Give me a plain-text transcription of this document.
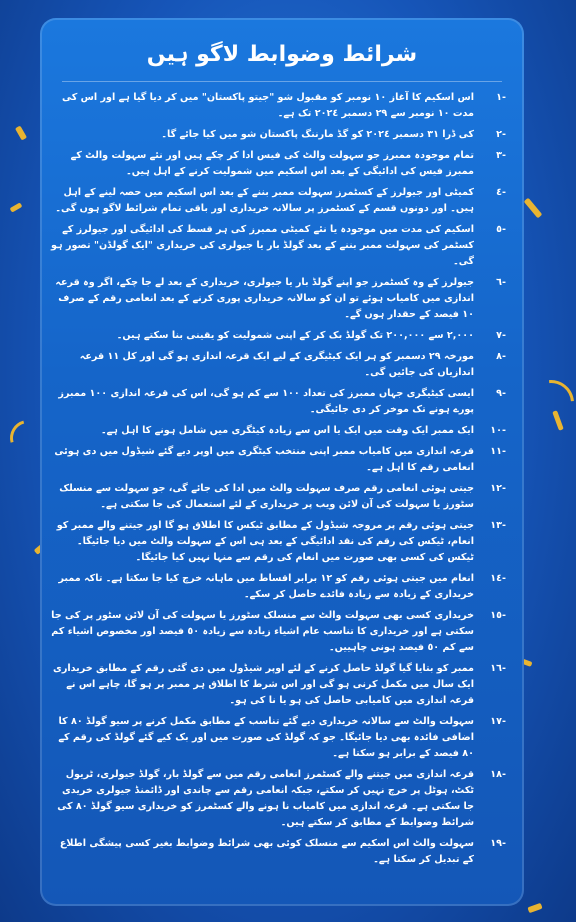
شرائط وضوابط لاگو ہیں
١-
اس اسکیم کا آغاز ١٠ نومبر کو مقبول شو "جیتو پاکستان" میں کر دیا گیا ہے اور اس کی مدت ١٠ نومبر سے ٢٩ دسمبر ٢٠٢٤ تک ہے۔
٢-
کی ڈرا ٣١ دسمبر ٢٠٢٤ کو گڈ مارننگ پاکستان شو میں کیا جائے گا۔
٣-
تمام موجودہ ممبرز جو سہولت والٹ کی فیس ادا کر چکے ہیں اور نئے سہولت والٹ کے ممبرز فیس کی ادائیگی کے بعد اس اسکیم میں شمولیت کرنے کے اہل ہیں۔
٤-
کمیٹی اور جیولرز کے کسٹمرز سہولت ممبر بننے کے بعد اس اسکیم میں حصہ لینے کے اہل ہیں۔ اور دونوں قسم کے کسٹمرز پر سالانہ خریداری اور باقی تمام شرائط لاگو ہوں گی۔
٥-
اسکیم کی مدت میں موجودہ یا نئے کمیٹی ممبرز کی ہر قسط کی ادائیگی اور جیولرز کے کسٹمر کی سہولت ممبر بننے کے بعد گولڈ بار یا جیولری کی خریداری "ایک گولڈن" تصور ہو گی۔
٦-
جیولرز کے وہ کسٹمرز جو اپنے گولڈ بار یا جیولری، خریداری کے بعد لے جا چکے، اگر وہ قرعہ اندازی میں کامیاب ہوئے تو ان کو سالانہ خریداری پوری کرنے کے بعد انعامی رقم کے صرف ١٠ فیصد کے حقدار ہوں گے۔
٧-
٢,٠٠٠ سے ٢٠٠,٠٠٠ تک گولڈ بک کر کے اپنی شمولیت کو یقینی بنا سکتے ہیں۔
٨-
مورخہ ٢٩ دسمبر کو ہر ایک کیٹیگری کے لیے ایک قرعہ اندازی ہو گی اور کل ١١ قرعہ اندازیاں کی جائیں گی۔
٩-
ایسی کیٹیگری جہاں ممبرز کی تعداد ١٠٠ سے کم ہو گی، اس کی قرعہ اندازی ١٠٠ ممبرز پورے ہونے تک موخر کر دی جائیگی۔
١٠-
ایک ممبر ایک وقت میں ایک یا اس سے زیادہ کیٹگری میں شامل ہونے کا اہل ہے۔
١١-
قرعہ اندازی میں کامیاب ممبر اپنی منتخب کیٹگری میں اوپر دیے گئے شیڈول میں دی ہوئی انعامی رقم کا اہل ہے۔
١٢-
جیتی ہوئی انعامی رقم صرف سہولت والٹ میں ادا کی جائے گی، جو سہولت سے منسلک سٹورز یا سہولت کی آن لائن ویب پر خریداری کے لئے استعمال کی جا سکتی ہے۔
١٣-
جیتی ہوئی رقم پر مروجہ شیڈول کے مطابق ٹیکس کا اطلاق ہو گا اور جیتنے والے ممبر کو انعام، ٹیکس کی رقم کی نقد ادائیگی کے بعد ہی اس کے سہولت والٹ میں دیا جائیگا۔ ٹیکس کی کسی بھی صورت میں انعام کی رقم سے منہا نہیں کیا جائیگا۔
١٤-
انعام میں جیتی ہوئی رقم کو ١٢ برابر اقساط میں ماہانہ خرچ کیا جا سکتا ہے۔ تاکہ ممبر خریداری کے زیادہ سے زیادہ فائدے حاصل کر سکے۔
١٥-
خریداری کسی بھی سہولت والٹ سے منسلک سٹورز یا سہولت کی آن لائن سٹور پر کی جا سکتی ہے اور خریداری کا تناسب عام اشیاء زیادہ سے زیادہ ٥٠ فیصد اور مخصوص اشیاء کم سے کم ٥٠ فیصد ہونی چاہییں۔
١٦-
ممبر کو بتایا گیا گولڈ حاصل کرنے کے لئے اوپر شیڈول میں دی گئی رقم کے مطابق خریداری ایک سال میں مکمل کرنی ہو گی اور اس شرط کا اطلاق ہر ممبر پر ہو گا، چاہے اس نے قرعہ اندازی میں کامیابی حاصل کی ہو یا نا کی ہو۔
١٧-
سہولت والٹ سے سالانہ خریداری دیے گئے تناسب کے مطابق مکمل کرنے پر سیو گولڈ ٨٠ کا اضافی فائدہ بھی دیا جائیگا۔ جو کہ گولڈ کی صورت میں اور بک کیے گئے گولڈ کی رقم کے ٨٠ فیصد کے برابر ہو سکتا ہے۔
١٨-
قرعہ اندازی میں جیتنے والے کسٹمرز انعامی رقم میں سے گولڈ بار، گولڈ جیولری، ٹریول ٹکٹ، ہوٹل پر خرچ نہیں کر سکتے، جبکہ انعامی رقم سے چاندی اور ڈائمنڈ جیولری خریدی جا سکتی ہے۔ قرعہ اندازی میں کامیاب نا ہونے والے کسٹمرز کو خریداری سیو گولڈ ٨٠ کی شرائط وضوابط کے مطابق کر سکتے ہیں۔
١٩-
سہولت والٹ اس اسکیم سے منسلک کوئی بھی شرائط وضوابط بغیر کسی پیشگی اطلاع کے تبدیل کر سکتا ہے۔
